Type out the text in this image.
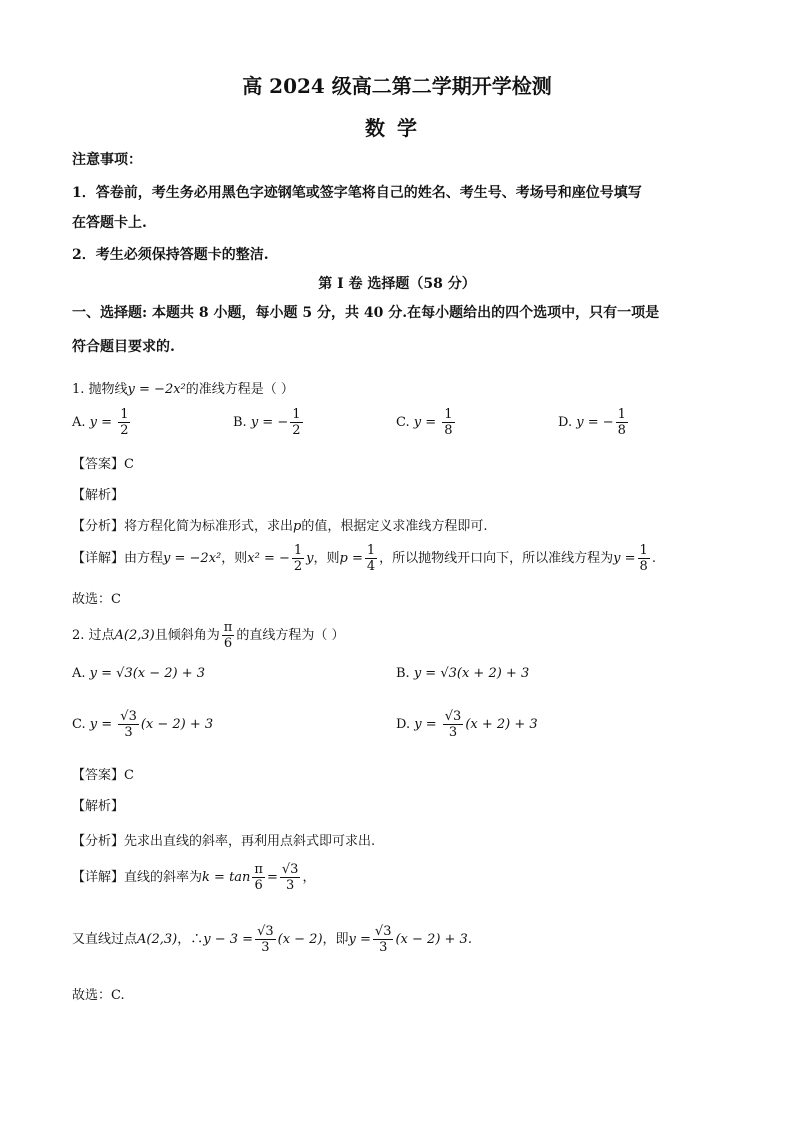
高 2024 级高二第二学期开学检测
数学
注意事项：
1．答卷前，考生务必用黑色字迹钢笔或签字笔将自己的姓名、考生号、考场号和座位号填写
在答题卡上.
2．考生必须保持答题卡的整洁.
第 I 卷 选择题（58 分）
一、选择题: 本题共 8 小题，每小题 5 分，共 40 分.在每小题给出的四个选项中，只有一项是
符合题目要求的.
1. 抛物线y = −2x²的准线方程是（ ）
A. $y = \frac{1}{2}$	B. y = − $\frac{1}{2}$	C. $y = \frac{1}{8}$	D. y = − $\frac{1}{8}$
【答案】C
【解析】
【分析】将方程化简为标准形式，求出p的值，根据定义求准线方程即可.
【详解】由方程y = −2x²，则x² = − $\frac{1}{2}$ y，则$p = \frac{1}{4}$ ，所以抛物线开口向下，所以准线方程为$y = \frac{1}{8}$ .
故选：C
2. 过点A(2,3)且倾斜角为 $\frac{\pi}{6}$ 的直线方程为（ ）
A. y = √3(x − 2) + 3	B. y = √3(x + 2) + 3
C. $y = \frac{√3}{3} (x - 2) + 3$	D. $y = \frac{√3}{3} (x + 2) + 3$
【答案】C
【解析】
【分析】先求出直线的斜率，再利用点斜式即可求出.
【详解】直线的斜率为$k = \tan \frac{\pi}{6} = \frac{√3}{3}$ ，
又直线过点A(2,3)，∴y − $3 = \frac{√3}{3} (x - 2)$，即$y = \frac{√3}{3} (x - 2) + 3$.
故选：C.
